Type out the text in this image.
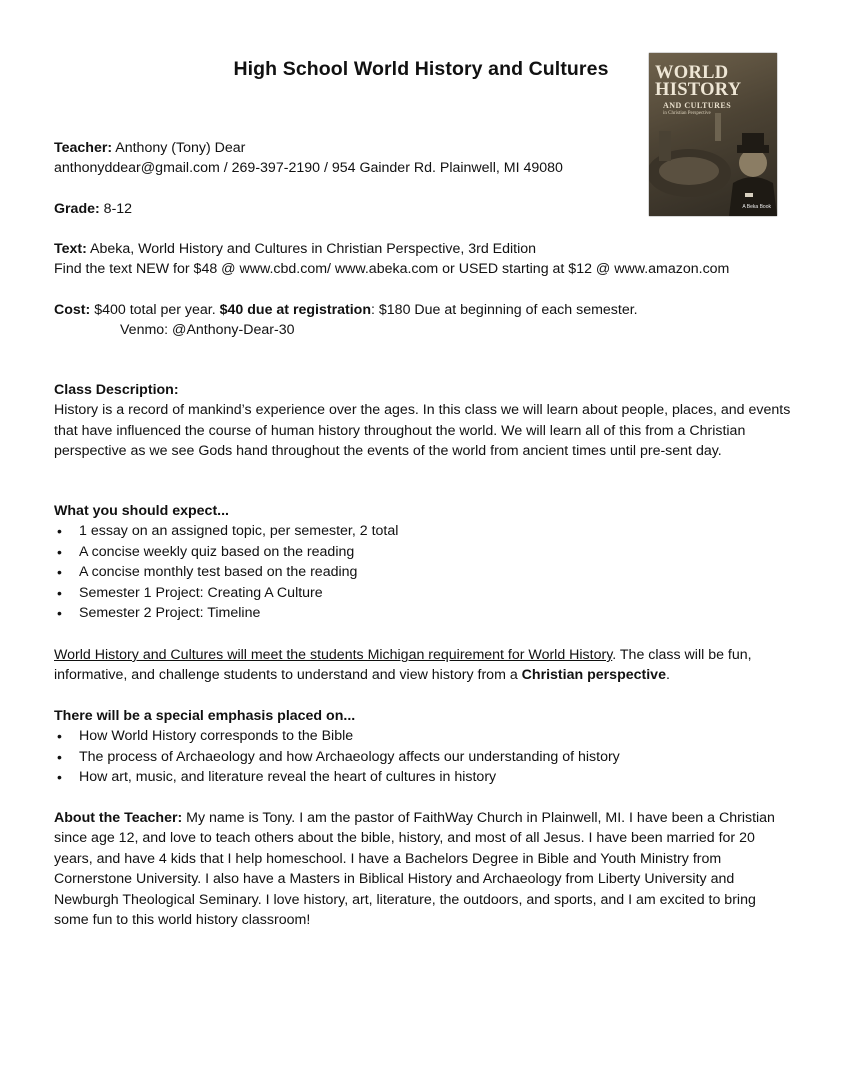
High School World History and Cultures	WORLD
HISTORY
AND CULTURES
in Christian Perspective
A Beka Book

Teacher: Anthony (Tony) Dear

anthonyddear@gmail.com / 269-397-2190 / 954 Gainder Rd. Plainwell, MI 49080

Grade: 8-12

Text: Abeka, World History and Cultures in Christian Perspective, 3rd Edition

Find the text NEW for $48 @ www.cbd.com/ www.abeka.com or USED starting at $12 @ www.amazon.com

Cost: $400 total per year. $40 due at registration: $180 Due at beginning of each semester.

Venmo: @Anthony-Dear-30

Class Description:

History is a record of mankind’s experience over the ages. In this class we will learn about people, places, and events that have influenced the course of human history throughout the world. We will learn all of this from a Christian perspective as we see Gods hand throughout the events of the world from ancient times until pre-sent day.

What you should expect...

• 1 essay on an assigned topic, per semester, 2 total
• A concise weekly quiz based on the reading
• A concise monthly test based on the reading
• Semester 1 Project: Creating A Culture
• Semester 2 Project: Timeline

World History and Cultures will meet the students Michigan requirement for World History. The class will be fun, informative, and challenge students to understand and view history from a Christian perspective.

There will be a special emphasis placed on...

• How World History corresponds to the Bible
• The process of Archaeology and how Archaeology affects our understanding of history
• How art, music, and literature reveal the heart of cultures in history

About the Teacher: My name is Tony. I am the pastor of FaithWay Church in Plainwell, MI. I have been a Christian since age 12, and love to teach others about the bible, history, and most of all Jesus. I have been married for 20 years, and have 4 kids that I help homeschool. I have a Bachelors Degree in Bible and Youth Ministry from Cornerstone University. I also have a Masters in Biblical History and Archaeology from Liberty University and Newburgh Theological Seminary. I love history, art, literature, the outdoors, and sports, and I am excited to bring some fun to this world history classroom!
